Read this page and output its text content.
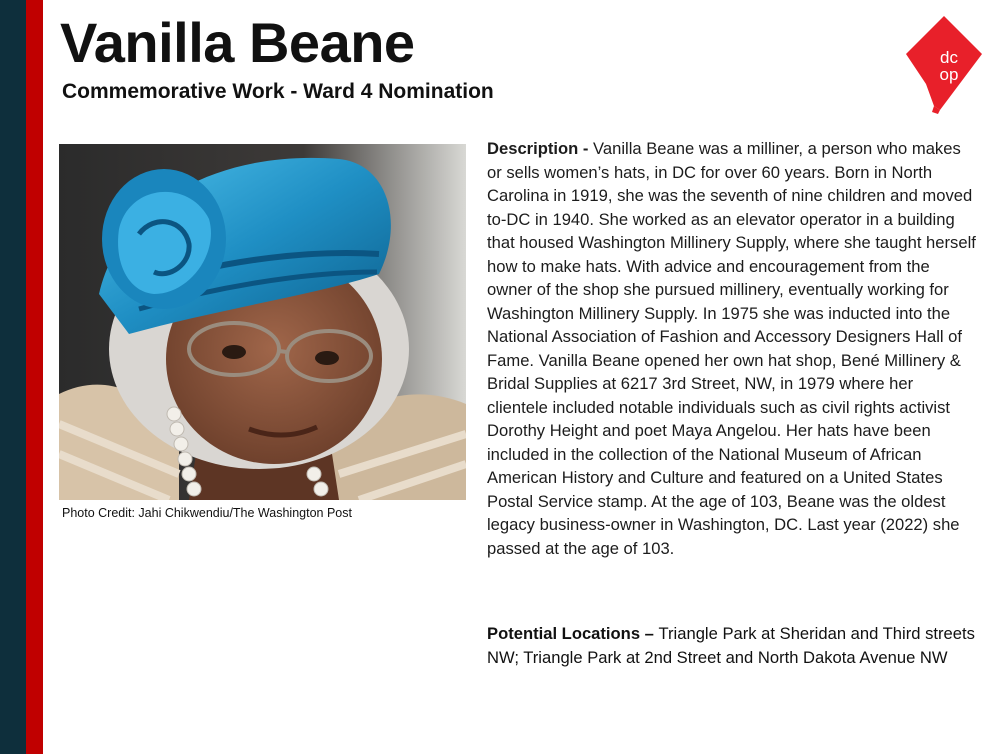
Vanilla Beane
Commemorative Work - Ward 4 Nomination
dc
op
Photo Credit: Jahi Chikwendiu/The Washington Post

Description - Vanilla Beane was a milliner, a person who makes or sells women’s hats, in DC for over 60 years. Born in North Carolina in 1919, she was the seventh of nine children and moved to-DC in 1940. She worked as an elevator operator in a building that housed Washington Millinery Supply, where she taught herself how to make hats. With advice and encouragement from the owner of the shop she pursued millinery, eventually working for Washington Millinery Supply. In 1975 she was inducted into the National Association of Fashion and Accessory Designers Hall of Fame. Vanilla Beane opened her own hat shop, Bené Millinery & Bridal Supplies at 6217 3rd Street, NW, in 1979 where her clientele included notable individuals such as civil rights activist Dorothy Height and poet Maya Angelou. Her hats have been included in the collection of the National Museum of African American History and Culture and featured on a United States Postal Service stamp. At the age of 103, Beane was the oldest legacy business-owner in Washington, DC. Last year (2022) she passed at the age of 103.

Potential Locations – Triangle Park at Sheridan and Third streets NW; Triangle Park at 2nd Street and North Dakota Avenue NW
